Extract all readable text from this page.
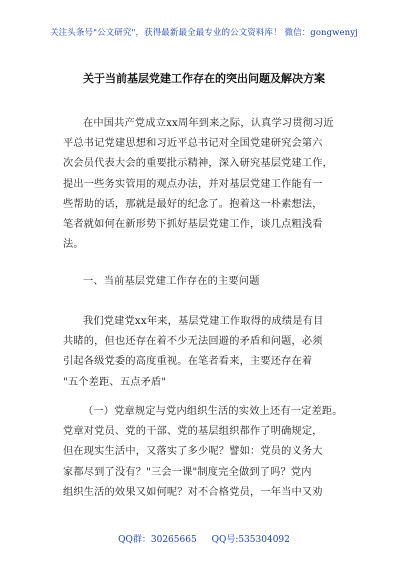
关注头条号"公文研究"，获得最新最全最专业的公文资料库！ 微信：gongwenyj
关于当前基层党建工作存在的突出问题及解决方案

在中国共产党成立xx周年到来之际，认真学习贯彻习近
平总书记党建思想和习近平总书记对全国党建研究会第六
次会员代表大会的重要批示精神，深入研究基层党建工作，
提出一些务实管用的观点办法，并对基层党建工作能有一
些帮助的话，那就是最好的纪念了。抱着这一朴素想法，
笔者就如何在新形势下抓好基层党建工作，谈几点粗浅看
法。

一、当前基层党建工作存在的主要问题

我们党建党xx年来，基层党建工作取得的成绩是有目
共睹的，但也还存在着不少无法回避的矛盾和问题，必须
引起各级党委的高度重视。在笔者看来，主要还存在着
"五个差距、五点矛盾"

（一）党章规定与党内组织生活的实效上还有一定差距。
党章对党员、党的干部、党的基层组织都作了明确规定，
但在现实生活中，又落实了多少呢？譬如：党员的义务大
家都尽到了没有？"三会一课"制度完全做到了吗？党内
组织生活的效果又如何呢？对不合格党员，一年当中又劝

QQ群：30265665 QQ号:535304092
